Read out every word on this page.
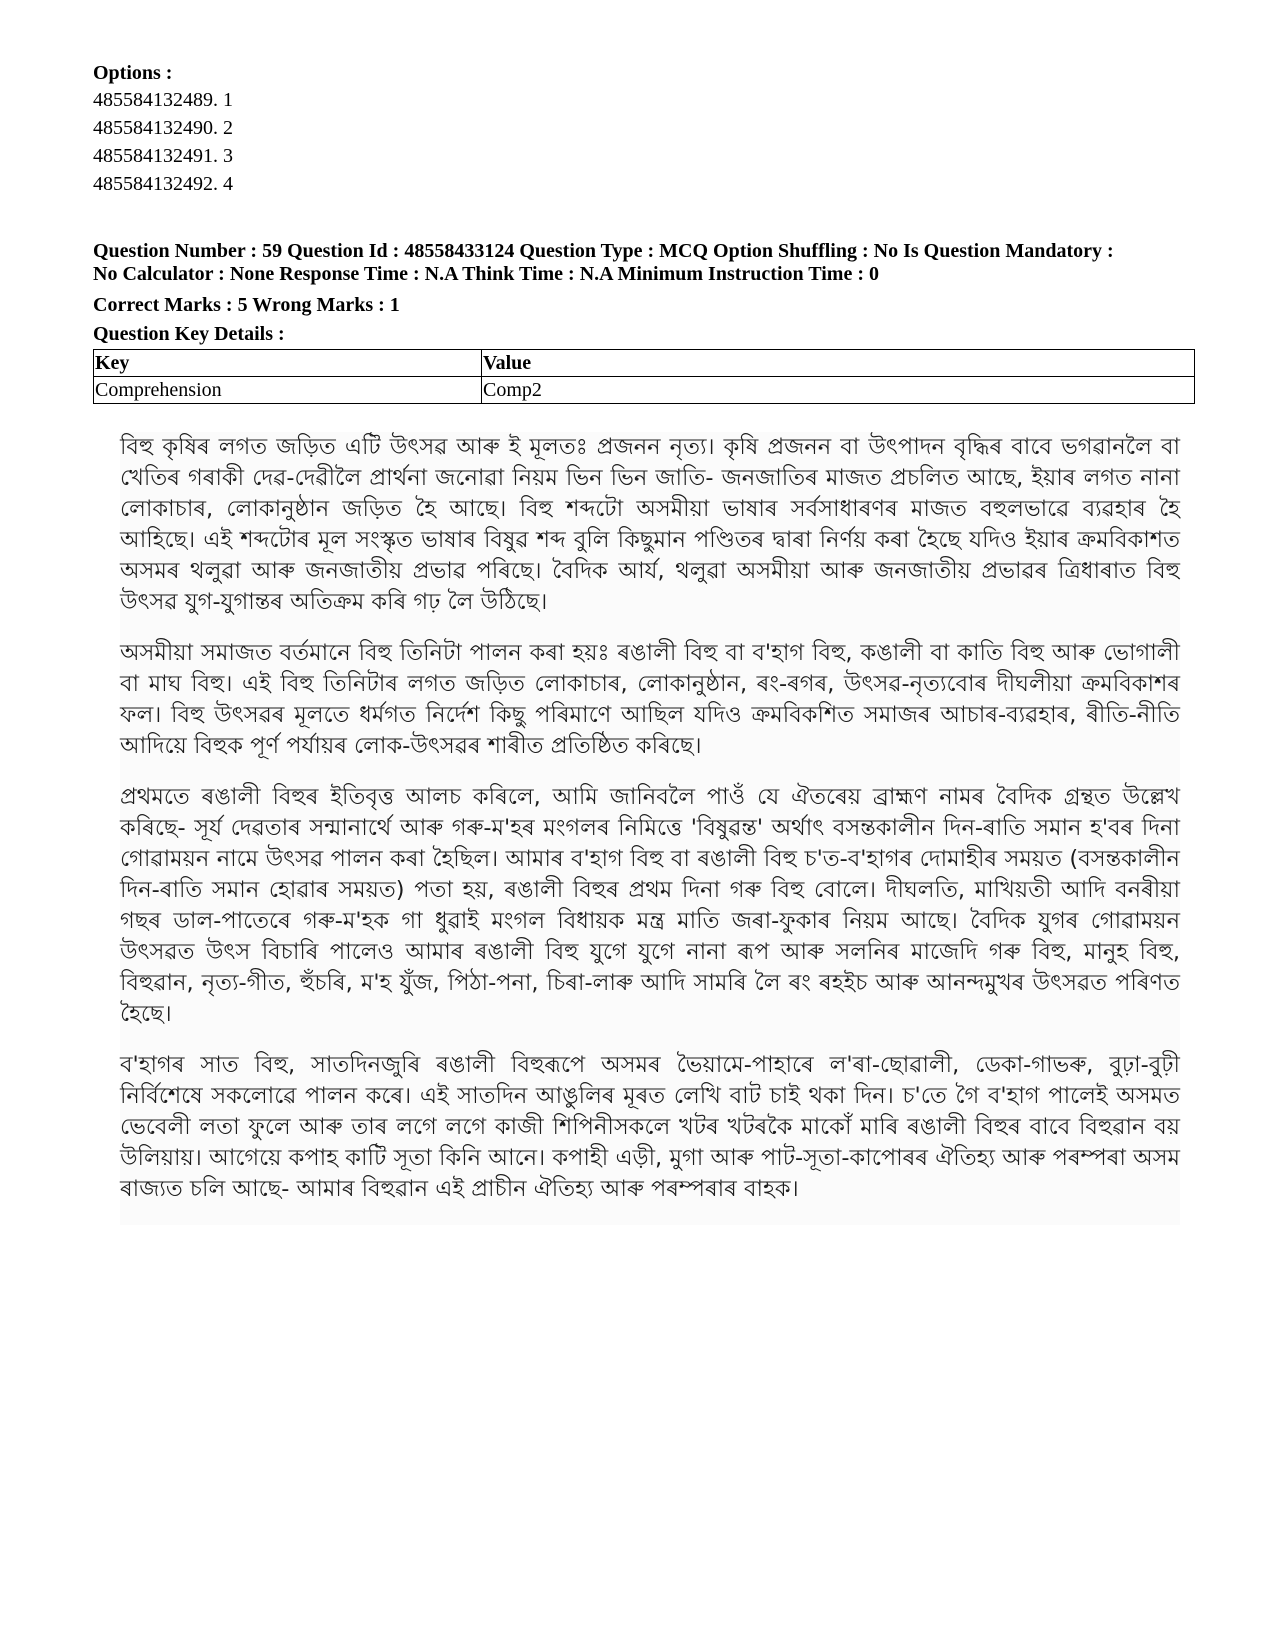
Options :

485584132489. 1

485584132490. 2

485584132491. 3

485584132492. 4

Question Number : 59 Question Id : 48558433124 Question Type : MCQ Option Shuffling : No Is Question Mandatory :

No Calculator : None Response Time : N.A Think Time : N.A Minimum Instruction Time : 0

Correct Marks : 5 Wrong Marks : 1

Question Key Details :

Key	Value
Comprehension	Comp2

বিহু কৃষিৰ লগত জড়িত এটি উৎসৱ আৰু ই মূলতঃ প্ৰজনন নৃত্য। কৃষি প্ৰজনন বা উৎপাদন বৃদ্ধিৰ বাবে ভগৱানলৈ বা খেতিৰ গৰাকী দেৱ-দেৱীলৈ প্ৰাৰ্থনা জনোৱা নিয়ম ভিন ভিন জাতি- জনজাতিৰ মাজত প্ৰচলিত আছে, ইয়াৰ লগত নানা লোকাচাৰ, লোকানুষ্ঠান জড়িত হৈ আছে। বিহু শব্দটো অসমীয়া ভাষাৰ সৰ্বসাধাৰণৰ মাজত বহুলভাৱে ব্যৱহাৰ হৈ আহিছে। এই শব্দটোৰ মূল সংস্কৃত ভাষাৰ বিষুৱ শব্দ বুলি কিছুমান পণ্ডিতৰ দ্বাৰা নিৰ্ণয় কৰা হৈছে যদিও ইয়াৰ ক্ৰমবিকাশত অসমৰ থলুৱা আৰু জনজাতীয় প্ৰভাৱ পৰিছে। বৈদিক আৰ্য, থলুৱা অসমীয়া আৰু জনজাতীয় প্ৰভাৱৰ ত্ৰিধাৰাত বিহু উৎসৱ যুগ-যুগান্তৰ অতিক্ৰম কৰি গঢ় লৈ উঠিছে।

অসমীয়া সমাজত বৰ্তমানে বিহু তিনিটা পালন কৰা হয়ঃ ৰঙালী বিহু বা ব'হাগ বিহু, কঙালী বা কাতি বিহু আৰু ভোগালী বা মাঘ বিহু। এই বিহু তিনিটাৰ লগত জড়িত লোকাচাৰ, লোকানুষ্ঠান, ৰং-ৰগৰ, উৎসৱ-নৃত্যবোৰ দীঘলীয়া ক্ৰমবিকাশৰ ফল। বিহু উৎসৱৰ মূলতে ধৰ্মগত নিৰ্দেশ কিছু পৰিমাণে আছিল যদিও ক্ৰমবিকশিত সমাজৰ আচাৰ-ব্যৱহাৰ, ৰীতি-নীতি আদিয়ে বিহুক পূৰ্ণ পৰ্যায়ৰ লোক-উৎসৱৰ শাৰীত প্ৰতিষ্ঠিত কৰিছে।

প্ৰথমতে ৰঙালী বিহুৰ ইতিবৃত্ত আলচ কৰিলে, আমি জানিবলৈ পাওঁ যে ঐতৰেয় ব্ৰাহ্মণ নামৰ বৈদিক গ্ৰন্থত উল্লেখ কৰিছে- সূৰ্য দেৱতাৰ সন্মানাৰ্থে আৰু গৰু-ম'হৰ মংগলৰ নিমিত্তে 'বিষুৱন্ত' অৰ্থাৎ বসন্তকালীন দিন-ৰাতি সমান হ'বৰ দিনা গোৱাময়ন নামে উৎসৱ পালন কৰা হৈছিল। আমাৰ ব'হাগ বিহু বা ৰঙালী বিহু চ'ত-ব'হাগৰ দোমাহীৰ সময়ত (বসন্তকালীন দিন-ৰাতি সমান হোৱাৰ সময়ত) পতা হয়, ৰঙালী বিহুৰ প্ৰথম দিনা গৰু বিহু বোলে। দীঘলতি, মাখিয়তী আদি বনৰীয়া গছৰ ডাল-পাতেৰে গৰু-ম'হক গা ধুৱাই মংগল বিধায়ক মন্ত্ৰ মাতি জৰা-ফুকাৰ নিয়ম আছে। বৈদিক যুগৰ গোৱাময়ন উৎসৱত উৎস বিচাৰি পালেও আমাৰ ৰঙালী বিহু যুগে যুগে নানা ৰূপ আৰু সলনিৰ মাজেদি গৰু বিহু, মানুহ বিহু, বিহুৱান, নৃত্য-গীত, হুঁচৰি, ম'হ যুঁজ, পিঠা-পনা, চিৰা-লাৰু আদি সামৰি লৈ ৰং ৰহইচ আৰু আনন্দমুখৰ উৎসৱত পৰিণত হৈছে।

ব'হাগৰ সাত বিহু, সাতদিনজুৰি ৰঙালী বিহুৰূপে অসমৰ ভৈয়ামে-পাহাৰে ল'ৰা-ছোৱালী, ডেকা-গাভৰু, বুঢ়া-বুঢ়ী নিৰ্বিশেষে সকলোৱে পালন কৰে। এই সাতদিন আঙুলিৰ মূৰত লেখি বাট চাই থকা দিন। চ'তে গৈ ব'হাগ পালেই অসমত ভেবেলী লতা ফুলে আৰু তাৰ লগে লগে কাজী শিপিনীসকলে খটৰ খটৰকৈ মাকোঁ মাৰি ৰঙালী বিহুৰ বাবে বিহুৱান বয় উলিয়ায়। আগেয়ে কপাহ কাটি সূতা কিনি আনে। কপাহী এড়ী, মুগা আৰু পাট-সূতা-কাপোৰৰ ঐতিহ্য আৰু পৰম্পৰা অসম ৰাজ্যত চলি আছে- আমাৰ বিহুৱান এই প্ৰাচীন ঐতিহ্য আৰু পৰম্পৰাৰ বাহক।
